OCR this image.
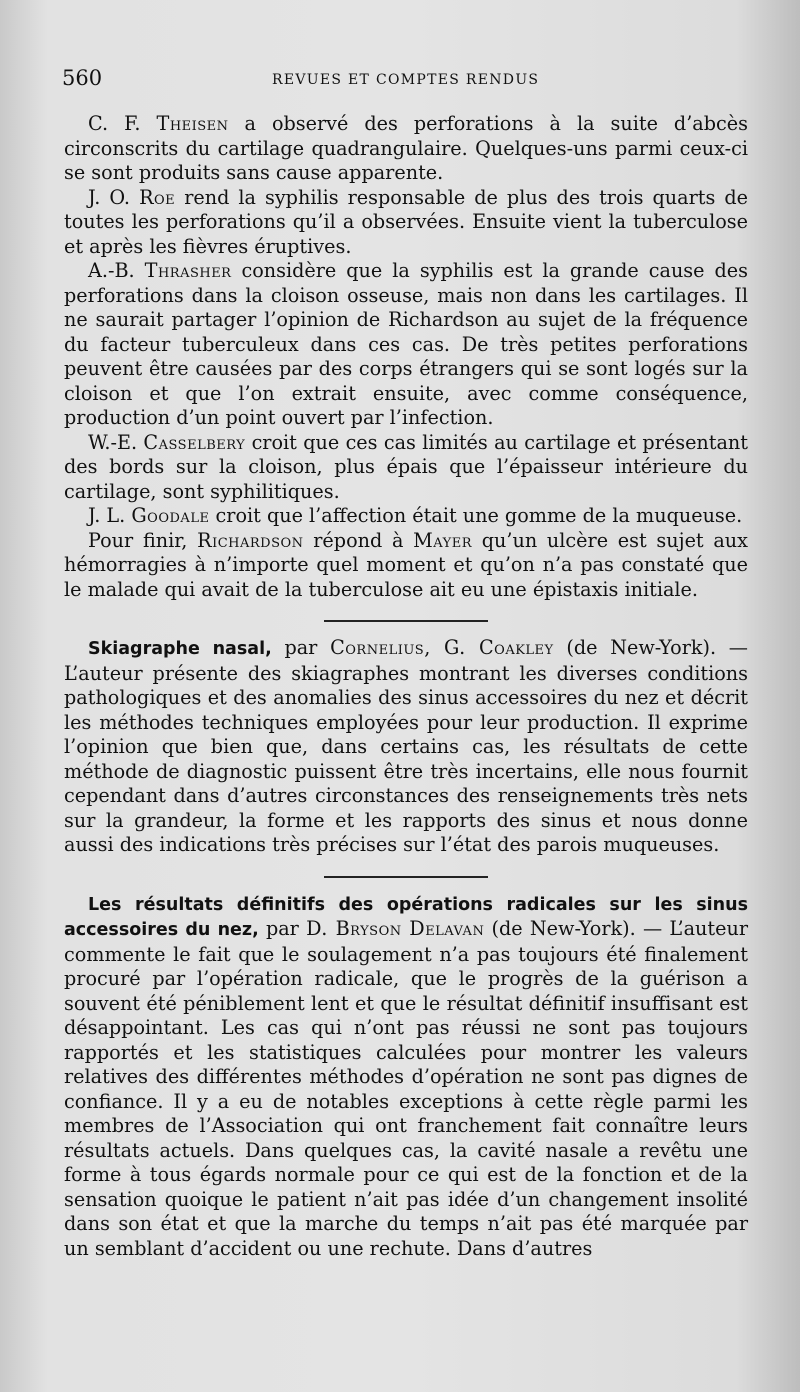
560	REVUES ET COMPTES RENDUS

C. F. Theisen a observé des perforations à la suite d’abcès circonscrits du cartilage quadrangulaire. Quelques-uns parmi ceux-ci se sont produits sans cause apparente.

J. O. Roe rend la syphilis responsable de plus des trois quarts de toutes les perforations qu’il a observées. Ensuite vient la tuberculose et après les fièvres éruptives.

A.-B. Thrasher considère que la syphilis est la grande cause des perforations dans la cloison osseuse, mais non dans les cartilages. Il ne saurait partager l’opinion de Richardson au sujet de la fréquence du facteur tuberculeux dans ces cas. De très petites perforations peuvent être causées par des corps étrangers qui se sont logés sur la cloison et que l’on extrait ensuite, avec comme conséquence, production d’un point ouvert par l’infection.

W.-E. Casselbery croit que ces cas limités au cartilage et présentant des bords sur la cloison, plus épais que l’épaisseur intérieure du cartilage, sont syphilitiques.

J. L. Goodale croit que l’affection était une gomme de la muqueuse.

Pour finir, Richardson répond à Mayer qu’un ulcère est sujet aux hémorragies à n’importe quel moment et qu’on n’a pas constaté que le malade qui avait de la tuberculose ait eu une épistaxis initiale.

Skiagraphe nasal, par Cornelius, G. Coakley (de New-York). — L’auteur présente des skiagraphes montrant les diverses conditions pathologiques et des anomalies des sinus accessoires du nez et décrit les méthodes techniques employées pour leur production. Il exprime l’opinion que bien que, dans certains cas, les résultats de cette méthode de diagnostic puissent être très incertains, elle nous fournit cependant dans d’autres circonstances des renseignements très nets sur la grandeur, la forme et les rapports des sinus et nous donne aussi des indications très précises sur l’état des parois muqueuses.

Les résultats définitifs des opérations radicales sur les sinus accessoires du nez, par D. Bryson Delavan (de New-York). — L’auteur commente le fait que le soulagement n’a pas toujours été finalement procuré par l’opération radicale, que le progrès de la guérison a souvent été péniblement lent et que le résultat définitif insuffisant est désappointant. Les cas qui n’ont pas réussi ne sont pas toujours rapportés et les statistiques calculées pour montrer les valeurs relatives des différentes méthodes d’opération ne sont pas dignes de confiance. Il y a eu de notables exceptions à cette règle parmi les membres de l’Association qui ont franchement fait connaître leurs résultats actuels. Dans quelques cas, la cavité nasale a revêtu une forme à tous égards normale pour ce qui est de la fonction et de la sensation quoique le patient n’ait pas idée d’un changement insolité dans son état et que la marche du temps n’ait pas été marquée par un semblant d’accident ou une rechute. Dans d’autres
